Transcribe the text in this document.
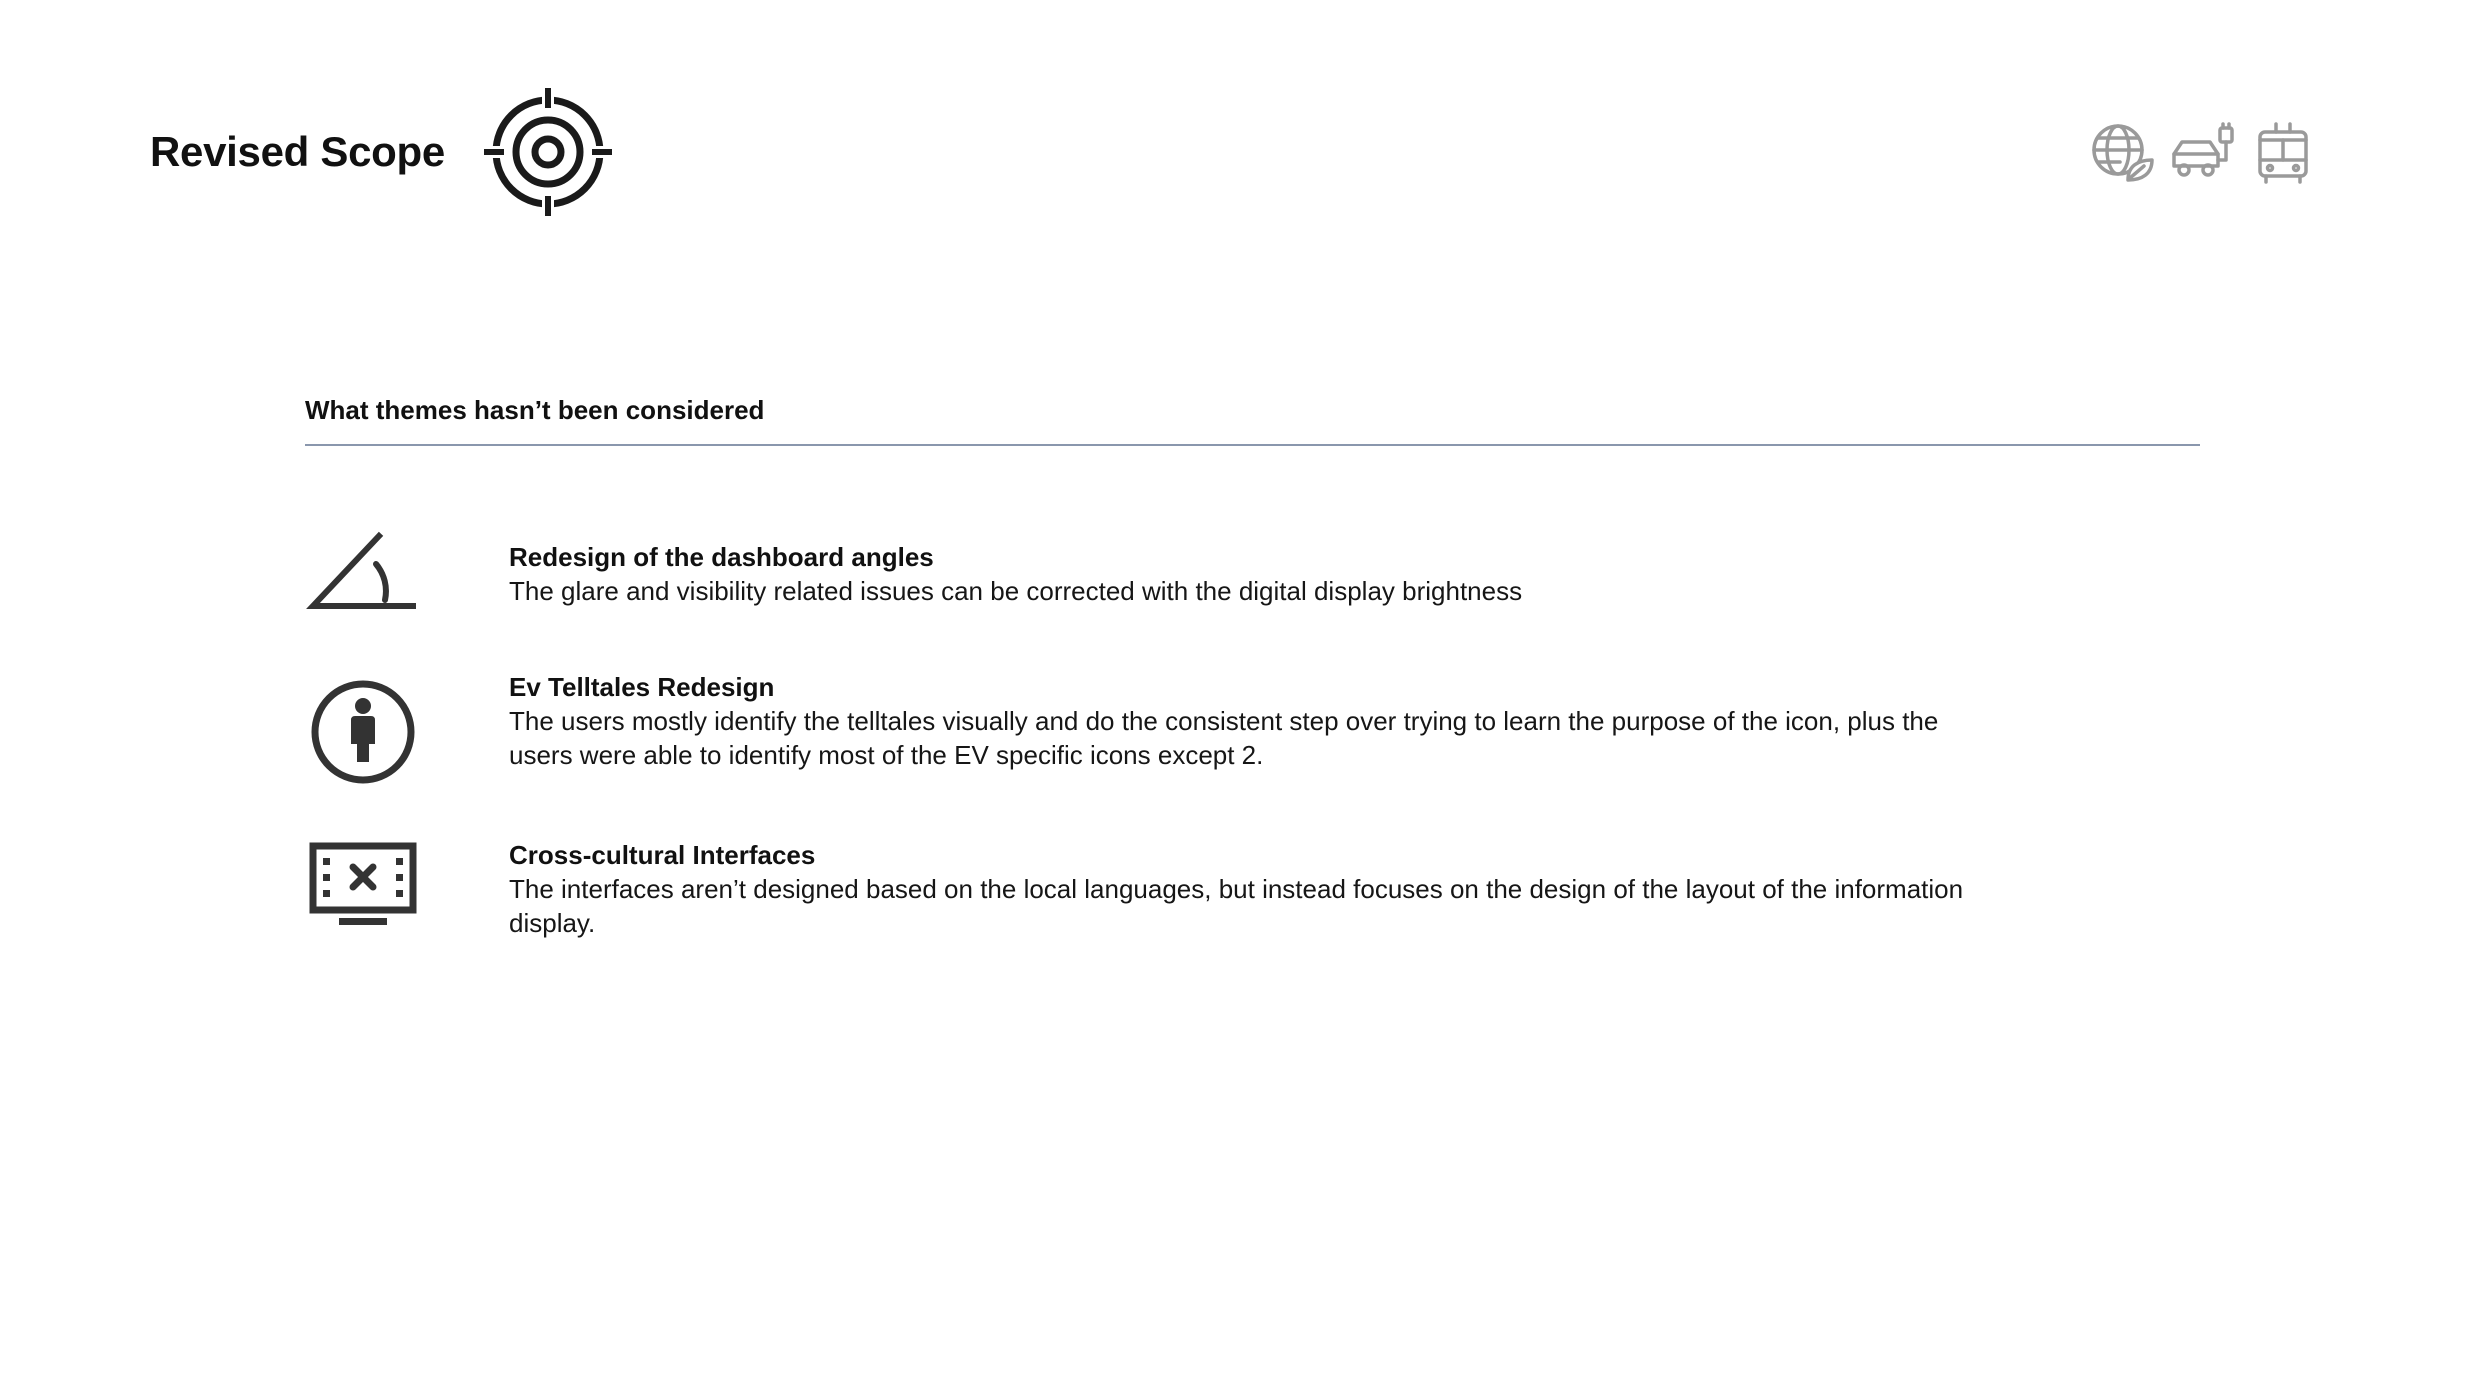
Revised Scope
What themes hasn’t been considered
Redesign of the dashboard angles
The glare and visibility related issues can be corrected with the digital display brightness
Ev Telltales Redesign
The users mostly identify the telltales visually and do the consistent step over trying to learn the purpose of the icon, plus the users were able to identify most of the EV specific icons except 2.
Cross-cultural Interfaces
The interfaces aren’t designed based on the local languages, but instead focuses on the design of the layout of the information display.
